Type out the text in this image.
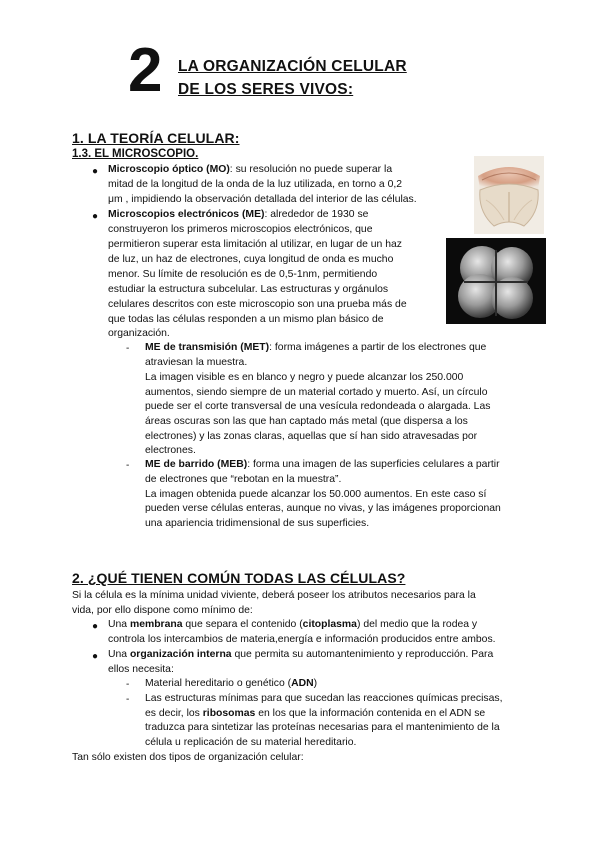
2 LA ORGANIZACIÓN CELULAR
DE LOS SERES VIVOS:
1. LA TEORÍA CELULAR:
1.3. EL MICROSCOPIO.
● Microscopio óptico (MO): su resolución no puede superar la
mitad de la longitud de la onda de la luz utilizada, en torno a 0,2
μm , impidiendo la observación detallada del interior de las células.
● Microscopios electrónicos (ME): alrededor de 1930 se
construyeron los primeros microscopios electrónicos, que
permitieron superar esta limitación al utilizar, en lugar de un haz
de luz, un haz de electrones, cuya longitud de onda es mucho
menor. Su límite de resolución es de 0,5-1nm, permitiendo
estudiar la estructura subcelular. Las estructuras y orgánulos
celulares descritos con este microscopio son una prueba más de
que todas las células responden a un mismo plan básico de
organización.
- ME de transmisión (MET): forma imágenes a partir de los electrones que
atraviesan la muestra.
La imagen visible es en blanco y negro y puede alcanzar los 250.000
aumentos, siendo siempre de un material cortado y muerto. Así, un círculo
puede ser el corte transversal de una vesícula redondeada o alargada. Las
áreas oscuras son las que han captado más metal (que dispersa a los
electrones) y las zonas claras, aquellas que sí han sido atravesadas por
electrones.
- ME de barrido (MEB): forma una imagen de las superficies celulares a partir
de electrones que “rebotan en la muestra”.
La imagen obtenida puede alcanzar los 50.000 aumentos. En este caso sí
pueden verse células enteras, aunque no vivas, y las imágenes proporcionan
una apariencia tridimensional de sus superficies.
2. ¿QUÉ TIENEN COMÚN TODAS LAS CÉLULAS?
Si la célula es la mínima unidad viviente, deberá poseer los atributos necesarios para la
vida, por ello dispone como mínimo de:
● Una membrana que separa el contenido (citoplasma) del medio que la rodea y
controla los intercambios de materia,energía e información producidos entre ambos.
● Una organización interna que permita su automantenimiento y reproducción. Para
ellos necesita:
- Material hereditario o genético (ADN)
- Las estructuras mínimas para que sucedan las reacciones químicas precisas,
es decir, los ribosomas en los que la información contenida en el ADN se
traduzca para sintetizar las proteínas necesarias para el mantenimiento de la
célula u replicación de su material hereditario.
Tan sólo existen dos tipos de organización celular:
